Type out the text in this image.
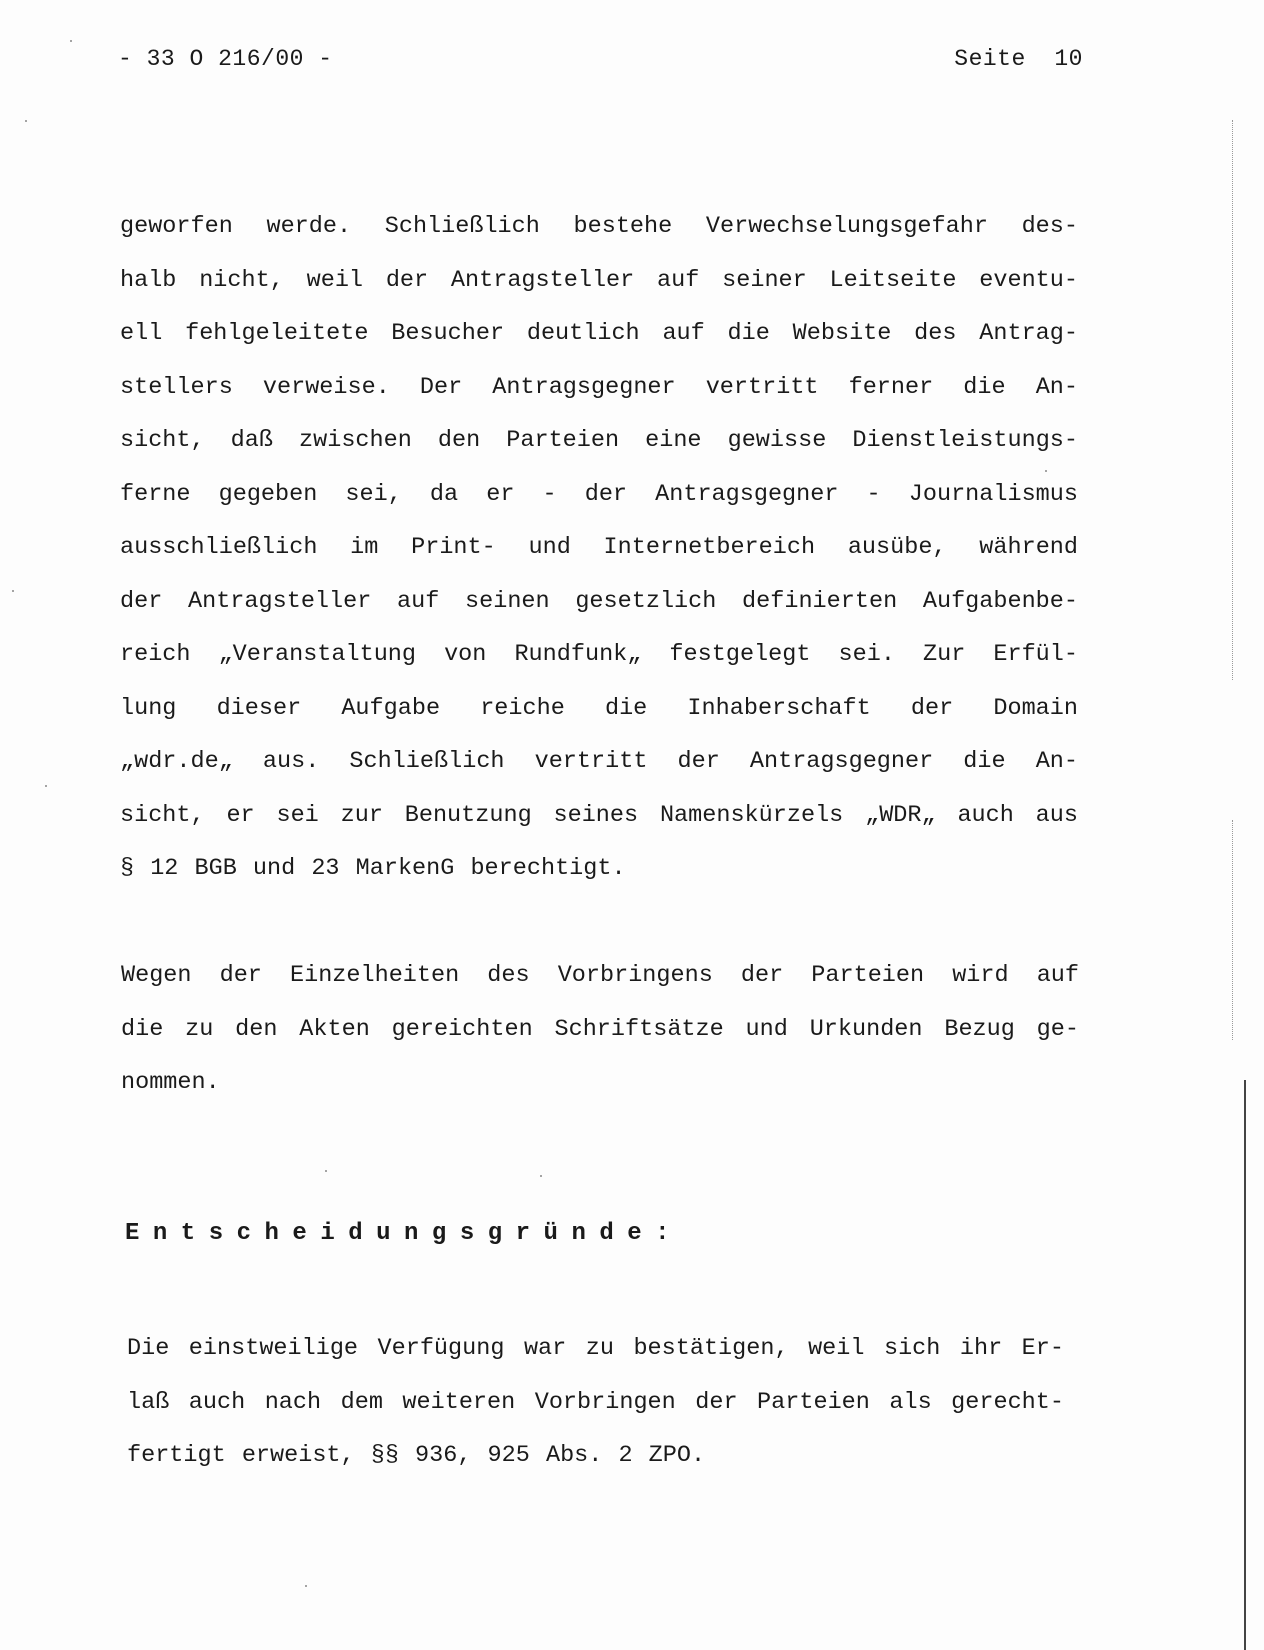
- 33 O 216/00 -	Seite  10
geworfen werde. Schließlich bestehe Verwechselungsgefahr des-
halb nicht, weil der Antragsteller auf seiner Leitseite eventu-
ell fehlgeleitete Besucher deutlich auf die Website des Antrag-
stellers verweise. Der Antragsgegner vertritt ferner die An-
sicht, daß zwischen den Parteien eine gewisse Dienstleistungs-
ferne gegeben sei, da er - der Antragsgegner - Journalismus
ausschließlich im Print- und Internetbereich ausübe, während
der Antragsteller auf seinen gesetzlich definierten Aufgabenbe-
reich „Veranstaltung von Rundfunk„ festgelegt sei. Zur Erfül-
lung dieser Aufgabe reiche die Inhaberschaft der Domain
„wdr.de„ aus. Schließlich vertritt der Antragsgegner die An-
sicht, er sei zur Benutzung seines Namenskürzels „WDR„ auch aus
§ 12 BGB und 23 MarkenG berechtigt.
Wegen der Einzelheiten des Vorbringens der Parteien wird auf
die zu den Akten gereichten Schriftsätze und Urkunden Bezug ge-
nommen.
Entscheidungsgründe:
Die einstweilige Verfügung war zu bestätigen, weil sich ihr Er-
laß auch nach dem weiteren Vorbringen der Parteien als gerecht-
fertigt erweist, §§ 936, 925 Abs. 2 ZPO.
